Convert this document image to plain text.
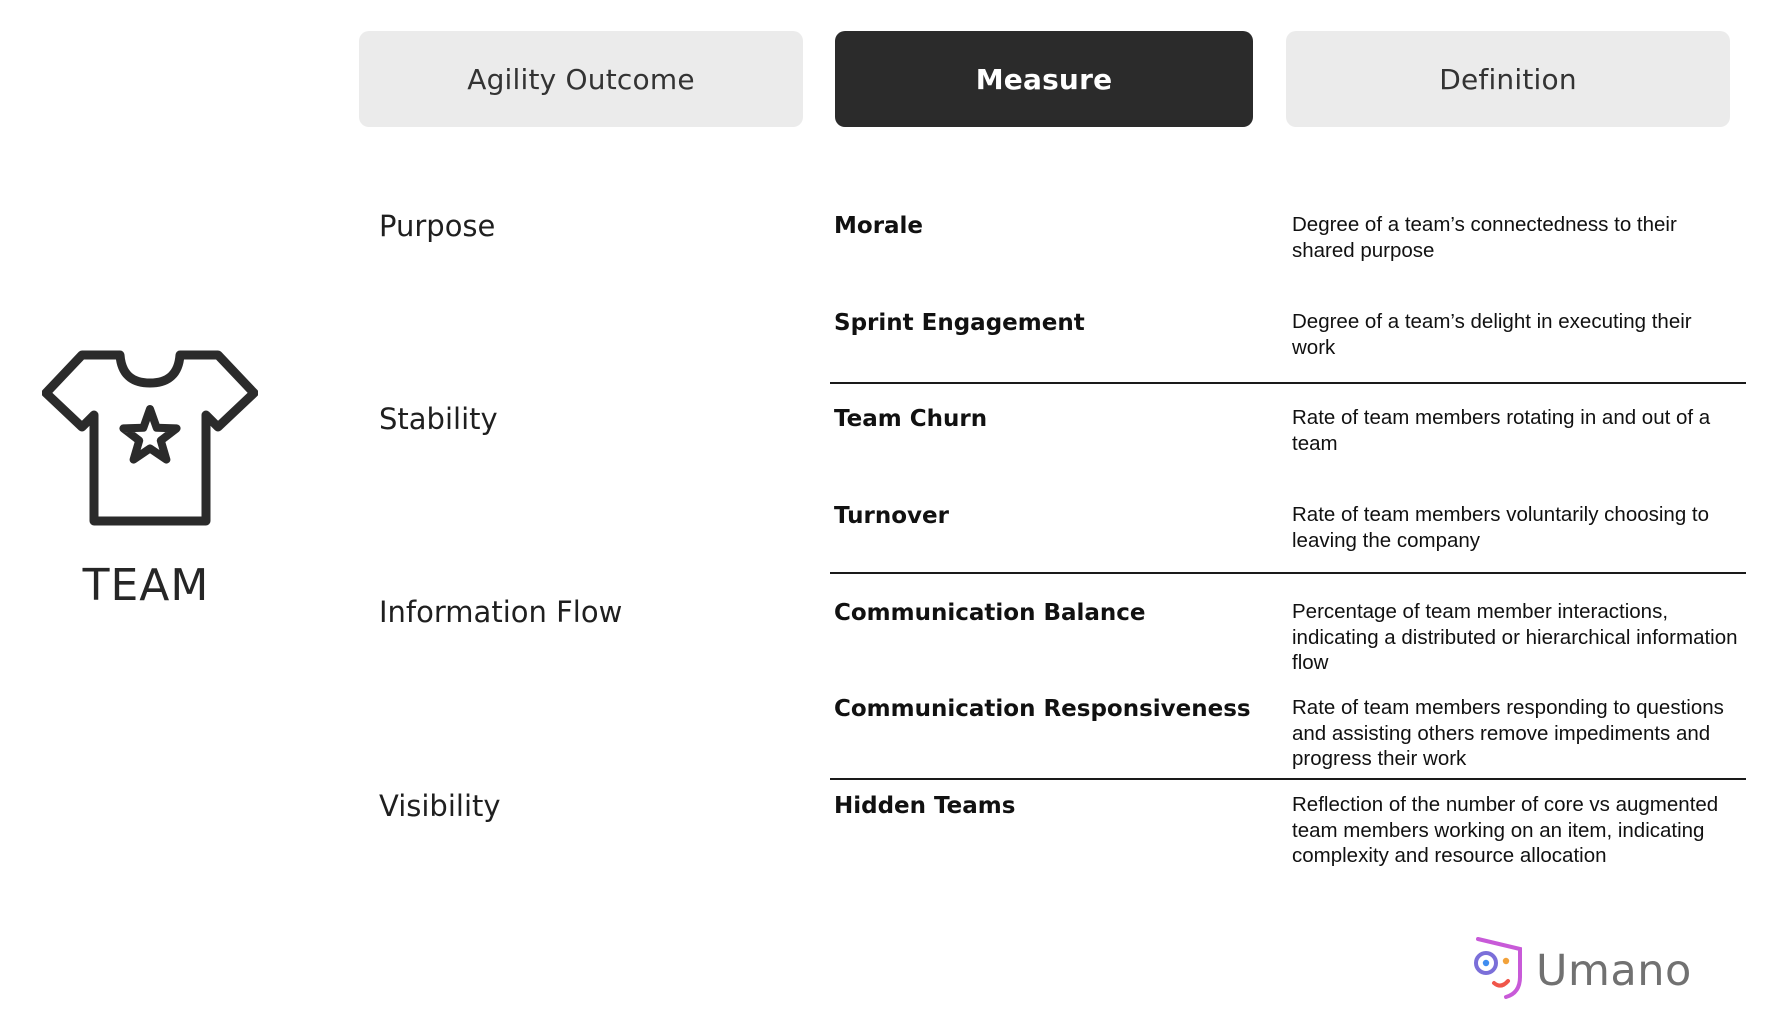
Agility Outcome	Measure	Definition
TEAM
Purpose
Stability
Information Flow
Visibility
Morale
Sprint Engagement
Team Churn
Turnover
Communication Balance
Communication Responsiveness
Hidden Teams
Degree of a team’s connectedness to their shared purpose
Degree of a team’s delight in executing their work
Rate of team members rotating in and out of a team
Rate of team members voluntarily choosing to leaving the company
Percentage of team member interactions, indicating a distributed or hierarchical information flow
Rate of team members responding to questions and assisting others remove impediments and progress their work
Reflection of the number of core vs augmented team members working on an item, indicating complexity and resource allocation
Umano
